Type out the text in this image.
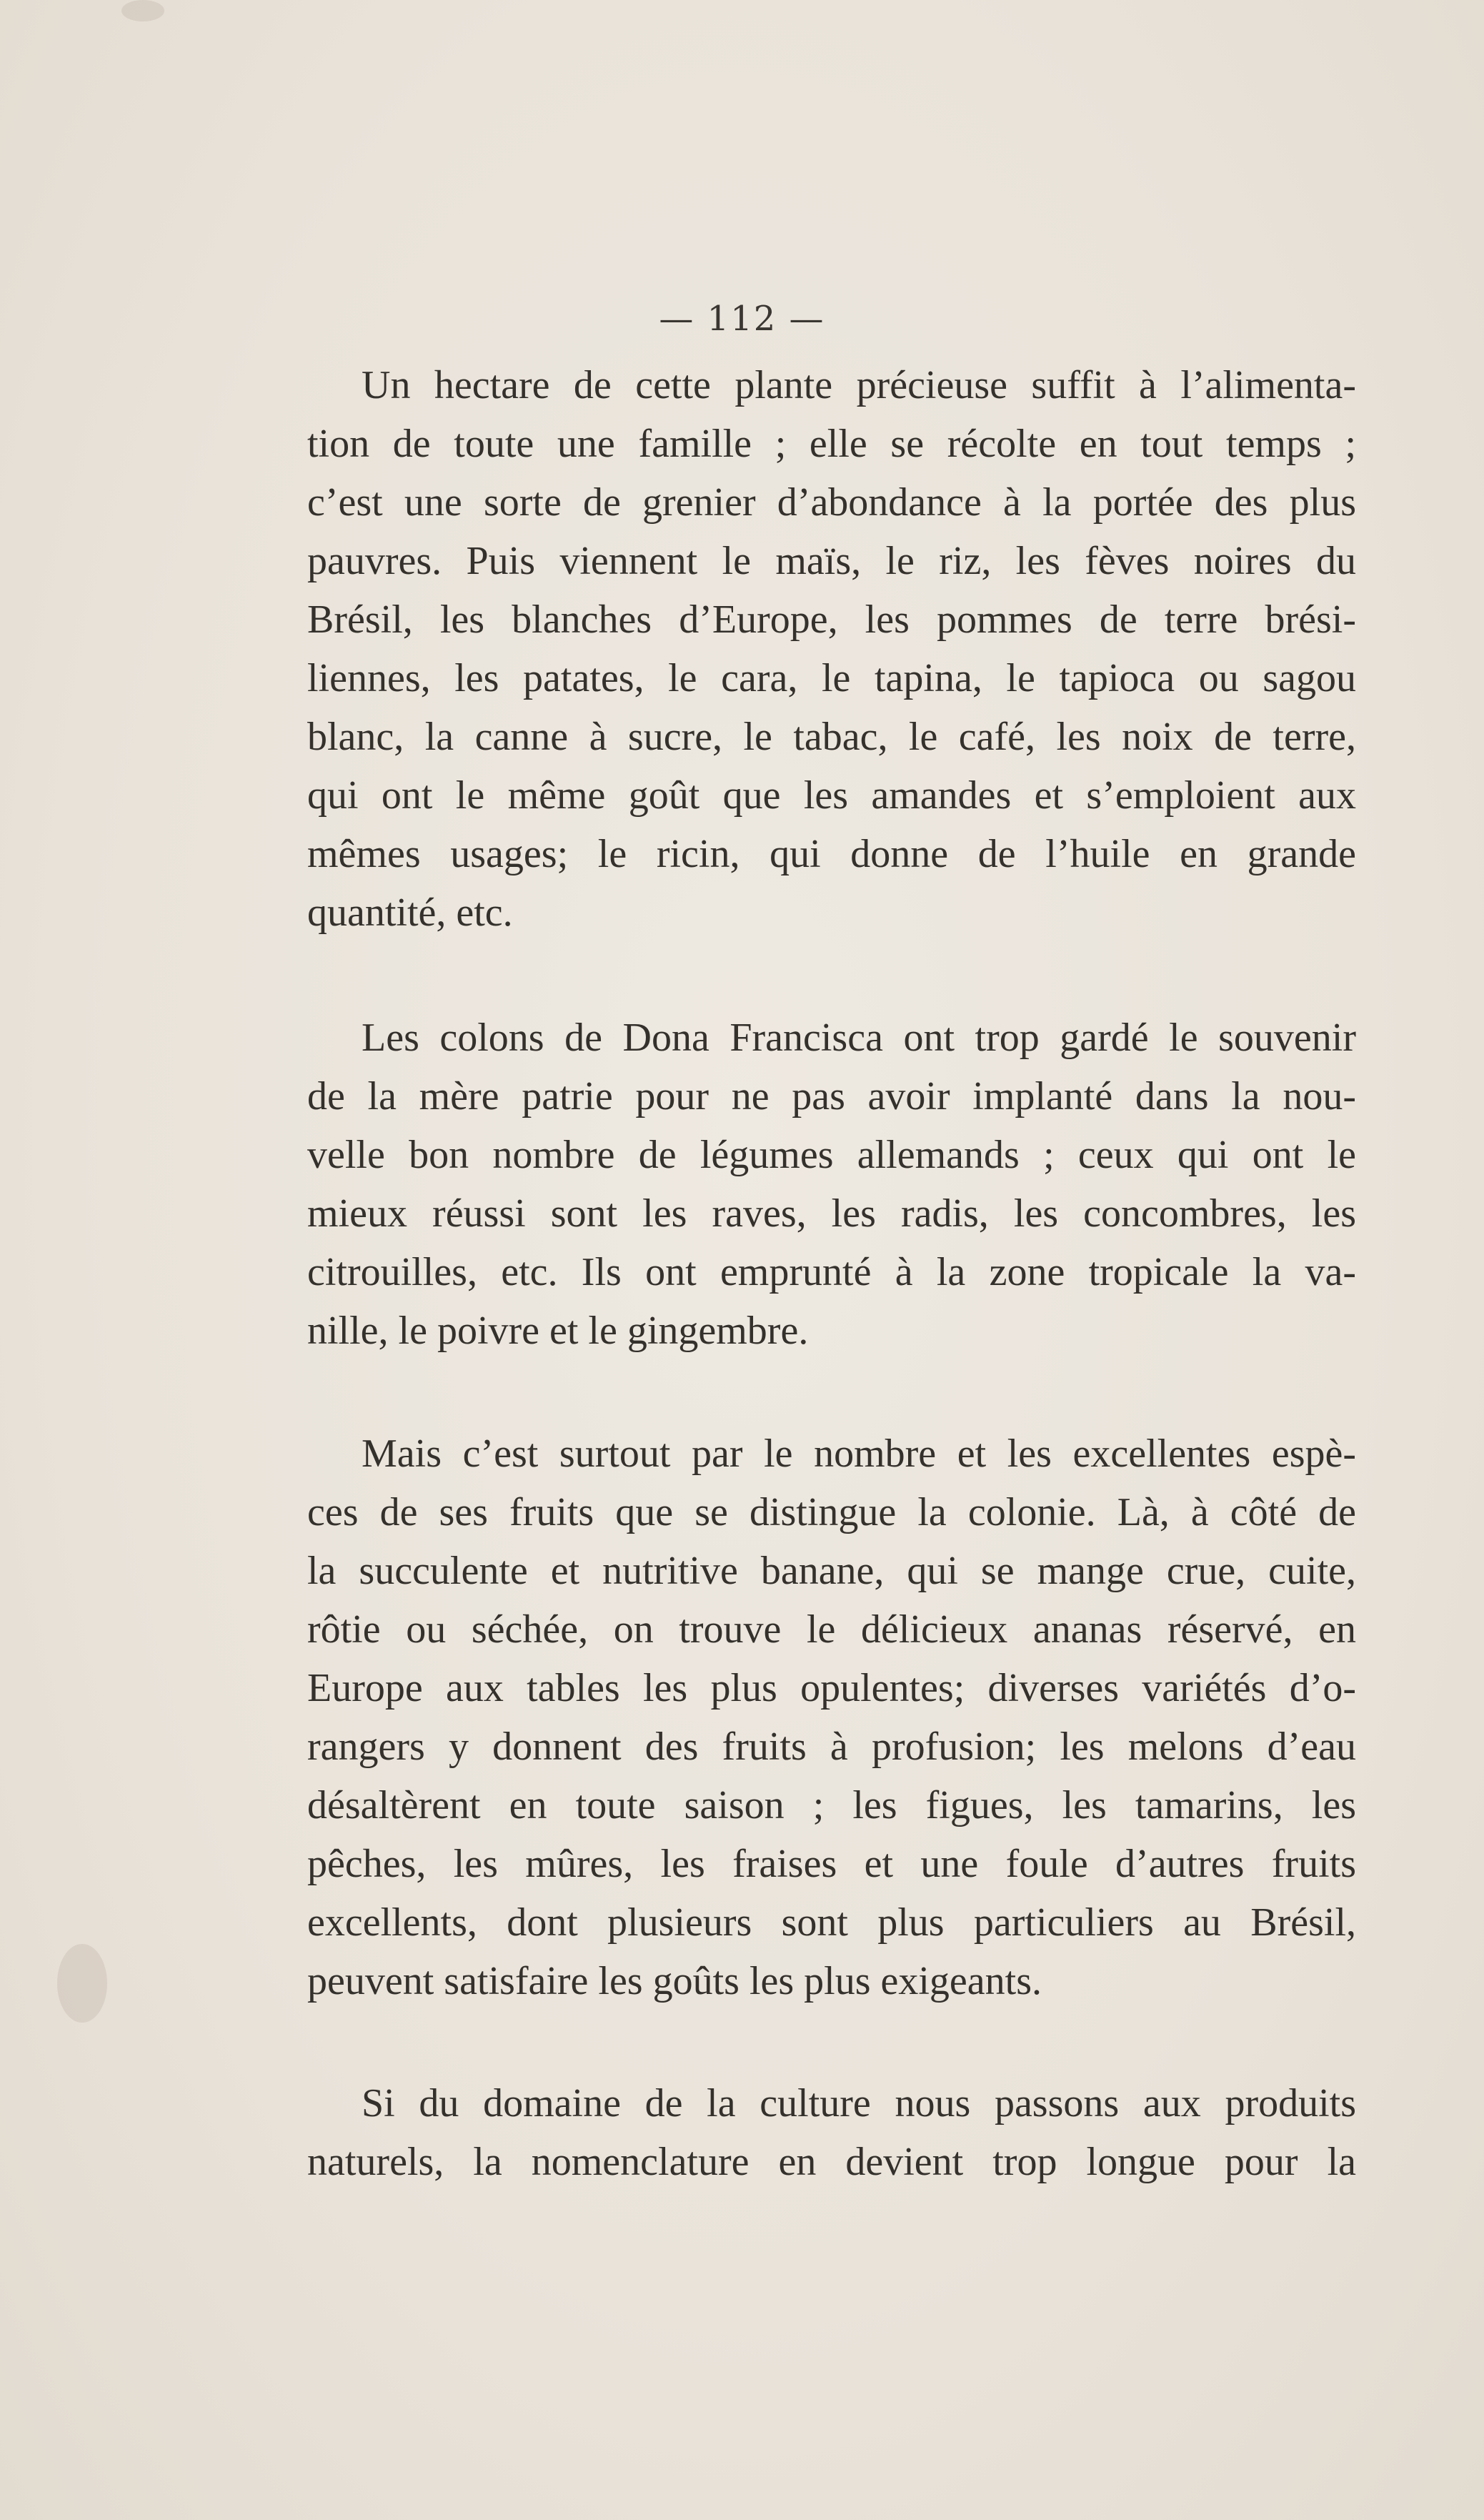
— 112 —
Un hectare de cette plante précieuse suffit à l’alimenta-
tion de toute une famille ; elle se récolte en tout temps ;
c’est une sorte de grenier d’abondance à la portée des plus
pauvres. Puis viennent le maïs, le riz, les fèves noires du
Brésil, les blanches d’Europe, les pommes de terre brési-
liennes, les patates, le cara, le tapina, le tapioca ou sagou
blanc, la canne à sucre, le tabac, le café, les noix de terre,
qui ont le même goût que les amandes et s’emploient aux
mêmes usages; le ricin, qui donne de l’huile en grande
quantité, etc.
Les colons de Dona Francisca ont trop gardé le souvenir
de la mère patrie pour ne pas avoir implanté dans la nou-
velle bon nombre de légumes allemands ; ceux qui ont le
mieux réussi sont les raves, les radis, les concombres, les
citrouilles, etc. Ils ont emprunté à la zone tropicale la va-
nille, le poivre et le gingembre.
Mais c’est surtout par le nombre et les excellentes espè-
ces de ses fruits que se distingue la colonie. Là, à côté de
la succulente et nutritive banane, qui se mange crue, cuite,
rôtie ou séchée, on trouve le délicieux ananas réservé, en
Europe aux tables les plus opulentes; diverses variétés d’o-
rangers y donnent des fruits à profusion; les melons d’eau
désaltèrent en toute saison ; les figues, les tamarins, les
pêches, les mûres, les fraises et une foule d’autres fruits
excellents, dont plusieurs sont plus particuliers au Brésil,
peuvent satisfaire les goûts les plus exigeants.
Si du domaine de la culture nous passons aux produits
naturels, la nomenclature en devient trop longue pour la
